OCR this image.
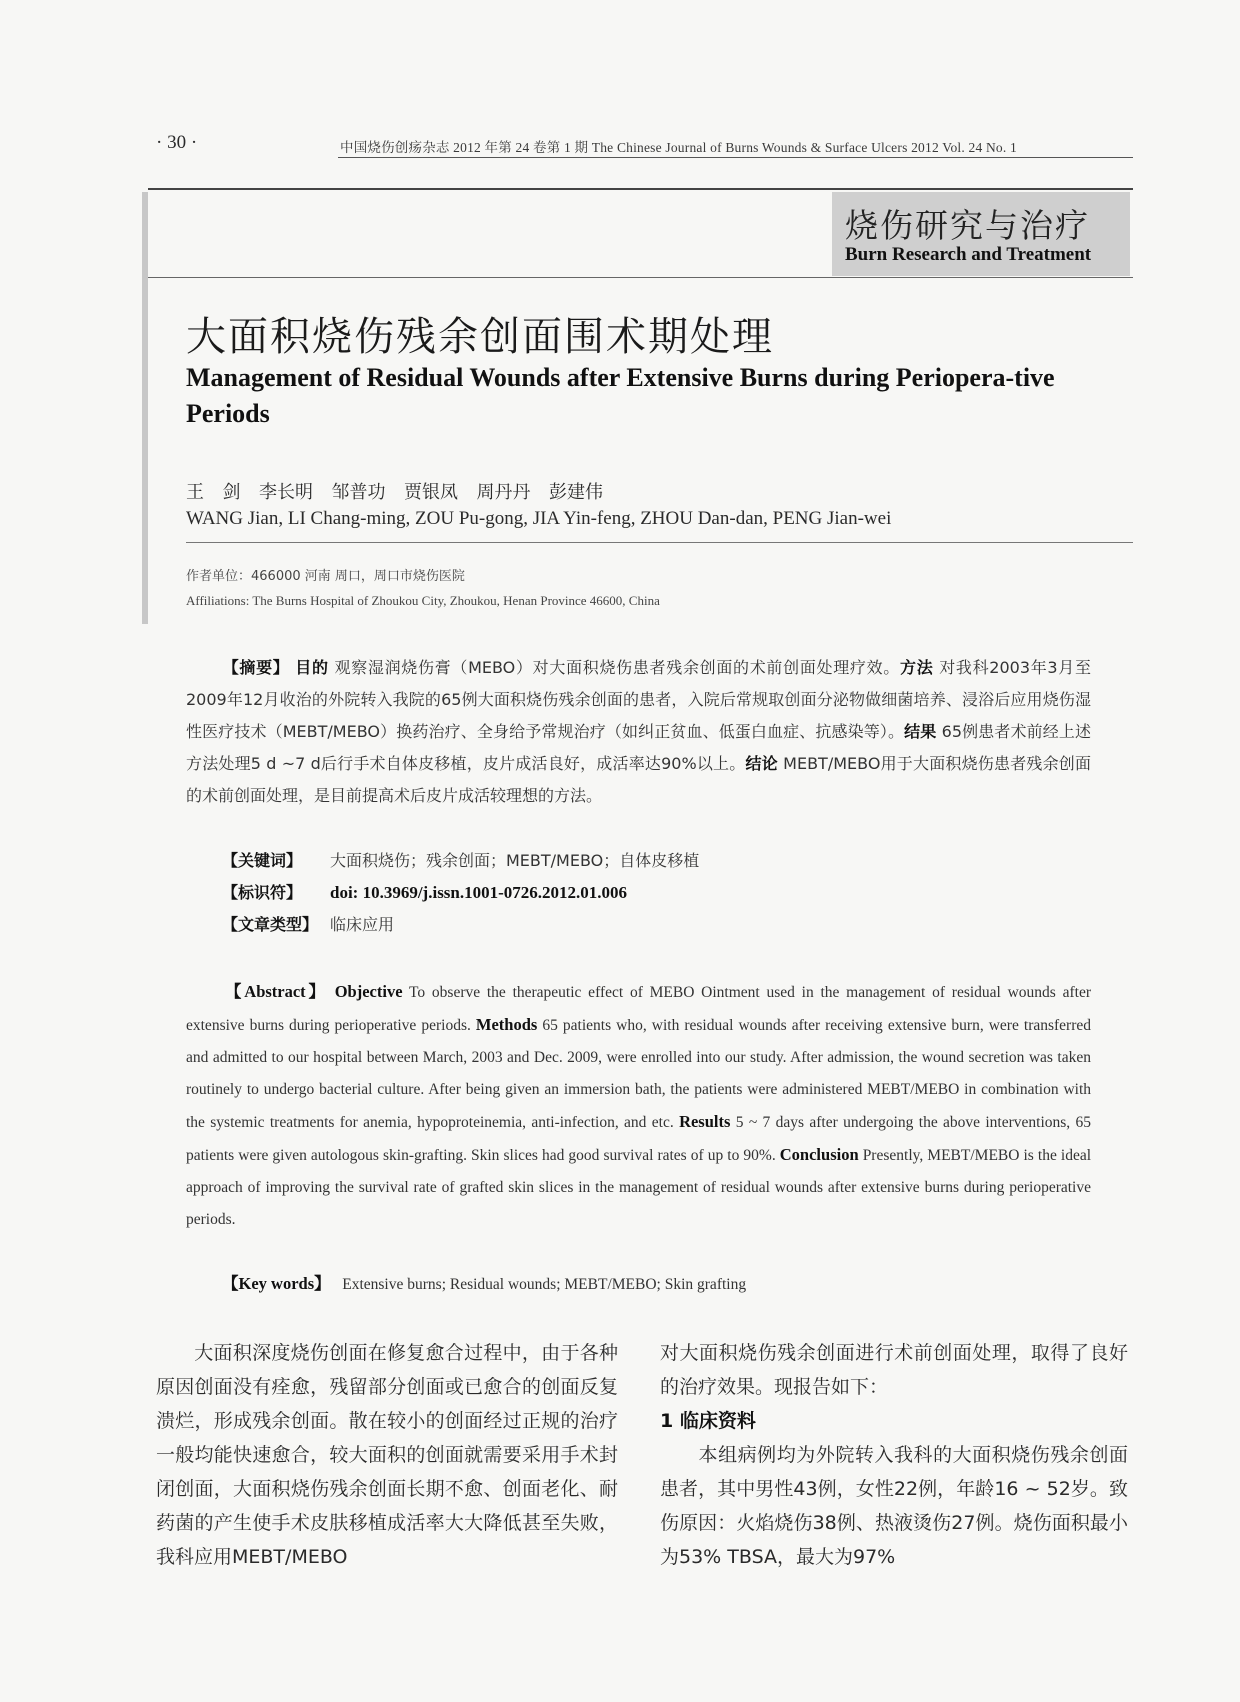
· 30 ·	中国烧伤创疡杂志 2012 年第 24 卷第 1 期 The Chinese Journal of Burns Wounds & Surface Ulcers 2012 Vol. 24 No. 1
烧伤研究与治疗
Burn Research and Treatment
大面积烧伤残余创面围术期处理
Management of Residual Wounds after Extensive Burns during Periopera-tive Periods
王 剑 李长明 邹普功 贾银凤 周丹丹 彭建伟
WANG Jian, LI Chang-ming, ZOU Pu-gong, JIA Yin-feng, ZHOU Dan-dan, PENG Jian-wei
作者单位：466000 河南 周口，周口市烧伤医院
Affiliations: The Burns Hospital of Zhoukou City, Zhoukou, Henan Province 46600, China
【摘要】 目的 观察湿润烧伤膏（MEBO）对大面积烧伤患者残余创面的术前创面处理疗效。方法 对我科2003年3月至2009年12月收治的外院转入我院的65例大面积烧伤残余创面的患者，入院后常规取创面分泌物做细菌培养、浸浴后应用烧伤湿性医疗技术（MEBT/MEBO）换药治疗、全身给予常规治疗（如纠正贫血、低蛋白血症、抗感染等）。结果 65例患者术前经上述方法处理5 d ~7 d后行手术自体皮移植，皮片成活良好，成活率达90%以上。结论 MEBT/MEBO用于大面积烧伤患者残余创面的术前创面处理，是目前提高术后皮片成活较理想的方法。
【关键词】 大面积烧伤；残余创面；MEBT/MEBO；自体皮移植
【标识符】 doi: 10.3969/j.issn.1001-0726.2012.01.006
【文章类型】 临床应用
【Abstract】 Objective To observe the therapeutic effect of MEBO Ointment used in the management of residual wounds after extensive burns during perioperative periods. Methods 65 patients who, with residual wounds after receiving extensive burn, were transferred and admitted to our hospital between March, 2003 and Dec. 2009, were enrolled into our study. After admission, the wound secretion was taken routinely to undergo bacterial culture. After being given an immersion bath, the patients were administered MEBT/MEBO in combination with the systemic treatments for anemia, hypoproteinemia, anti-infection, and etc. Results 5 ~ 7 days after undergoing the above interventions, 65 patients were given autologous skin-grafting. Skin slices had good survival rates of up to 90%. Conclusion Presently, MEBT/MEBO is the ideal approach of improving the survival rate of grafted skin slices in the management of residual wounds after extensive burns during perioperative periods.
【Key words】 Extensive burns; Residual wounds; MEBT/MEBO; Skin grafting
大面积深度烧伤创面在修复愈合过程中，由于各种原因创面没有痊愈，残留部分创面或已愈合的创面反复溃烂，形成残余创面。散在较小的创面经过正规的治疗一般均能快速愈合，较大面积的创面就需要采用手术封闭创面，大面积烧伤残余创面长期不愈、创面老化、耐药菌的产生使手术皮肤移植成活率大大降低甚至失败，我科应用MEBT/MEBO
对大面积烧伤残余创面进行术前创面处理，取得了良好的治疗效果。现报告如下：
1 临床资料
本组病例均为外院转入我科的大面积烧伤残余创面患者，其中男性43例，女性22例，年龄16 ~ 52岁。致伤原因：火焰烧伤38例、热液烫伤27例。烧伤面积最小为53% TBSA，最大为97%
